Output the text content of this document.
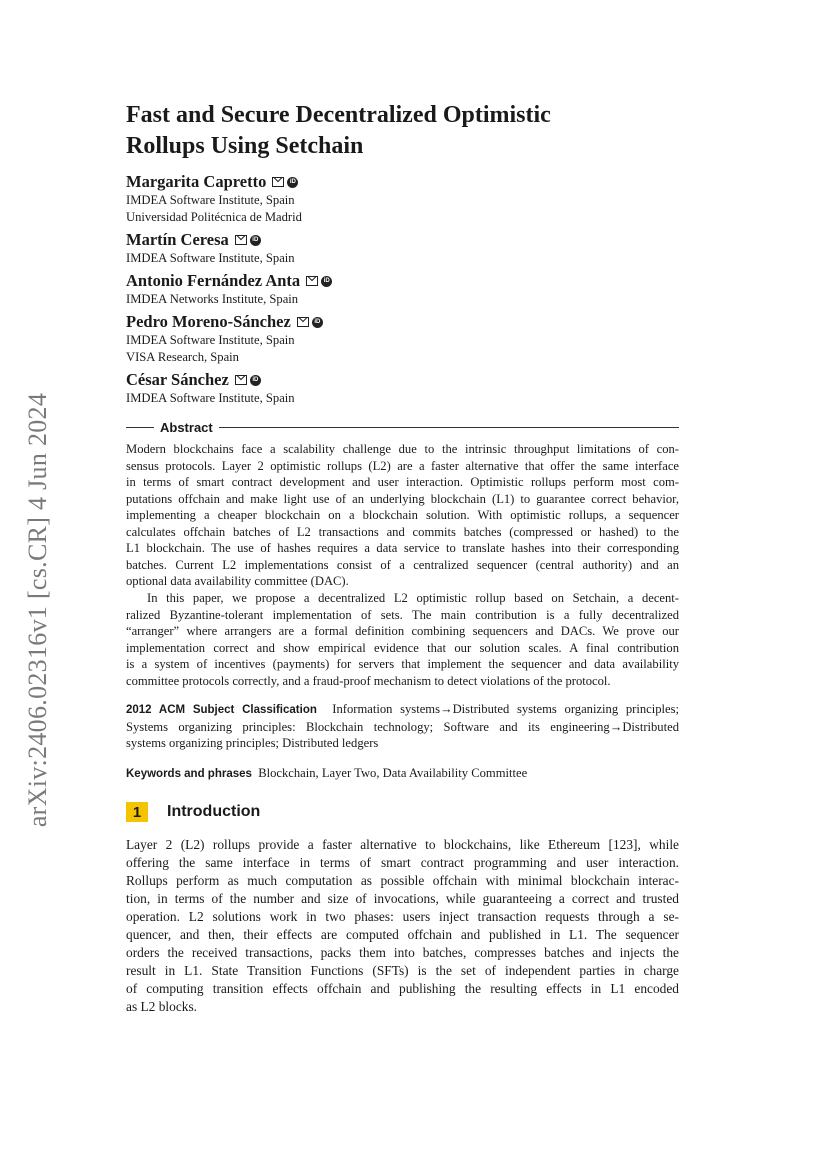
arXiv:2406.02316v1 [cs.CR] 4 Jun 2024
Fast and Secure Decentralized Optimistic
Rollups Using Setchain
Margarita Capretto	iD
IMDEA Software Institute, Spain
Universidad Politécnica de Madrid
Martín Ceresa	iD
IMDEA Software Institute, Spain
Antonio Fernández Anta	iD
IMDEA Networks Institute, Spain
Pedro Moreno-Sánchez	iD
IMDEA Software Institute, Spain
VISA Research, Spain
César Sánchez	iD
IMDEA Software Institute, Spain
Abstract
Modern blockchains face a scalability challenge due to the intrinsic throughput limitations of con-
sensus protocols. Layer 2 optimistic rollups (L2) are a faster alternative that offer the same interface
in terms of smart contract development and user interaction. Optimistic rollups perform most com-
putations offchain and make light use of an underlying blockchain (L1) to guarantee correct behavior,
implementing a cheaper blockchain on a blockchain solution. With optimistic rollups, a sequencer
calculates offchain batches of L2 transactions and commits batches (compressed or hashed) to the
L1 blockchain. The use of hashes requires a data service to translate hashes into their corresponding
batches. Current L2 implementations consist of a centralized sequencer (central authority) and an
optional data availability committee (DAC).
In this paper, we propose a decentralized L2 optimistic rollup based on Setchain, a decent-
ralized Byzantine-tolerant implementation of sets. The main contribution is a fully decentralized
“arranger” where arrangers are a formal definition combining sequencers and DACs. We prove our
implementation correct and show empirical evidence that our solution scales. A final contribution
is a system of incentives (payments) for servers that implement the sequencer and data availability
committee protocols correctly, and a fraud-proof mechanism to detect violations of the protocol.
2012 ACM Subject Classification Information systems→Distributed systems organizing principles;
Systems organizing principles: Blockchain technology; Software and its engineering→Distributed
systems organizing principles; Distributed ledgers
Keywords and phrases Blockchain, Layer Two, Data Availability Committee
1	Introduction
Layer 2 (L2) rollups provide a faster alternative to blockchains, like Ethereum [123], while
offering the same interface in terms of smart contract programming and user interaction.
Rollups perform as much computation as possible offchain with minimal blockchain interac-
tion, in terms of the number and size of invocations, while guaranteeing a correct and trusted
operation. L2 solutions work in two phases: users inject transaction requests through a se-
quencer, and then, their effects are computed offchain and published in L1. The sequencer
orders the received transactions, packs them into batches, compresses batches and injects the
result in L1. State Transition Functions (SFTs) is the set of independent parties in charge
of computing transition effects offchain and publishing the resulting effects in L1 encoded
as L2 blocks.
